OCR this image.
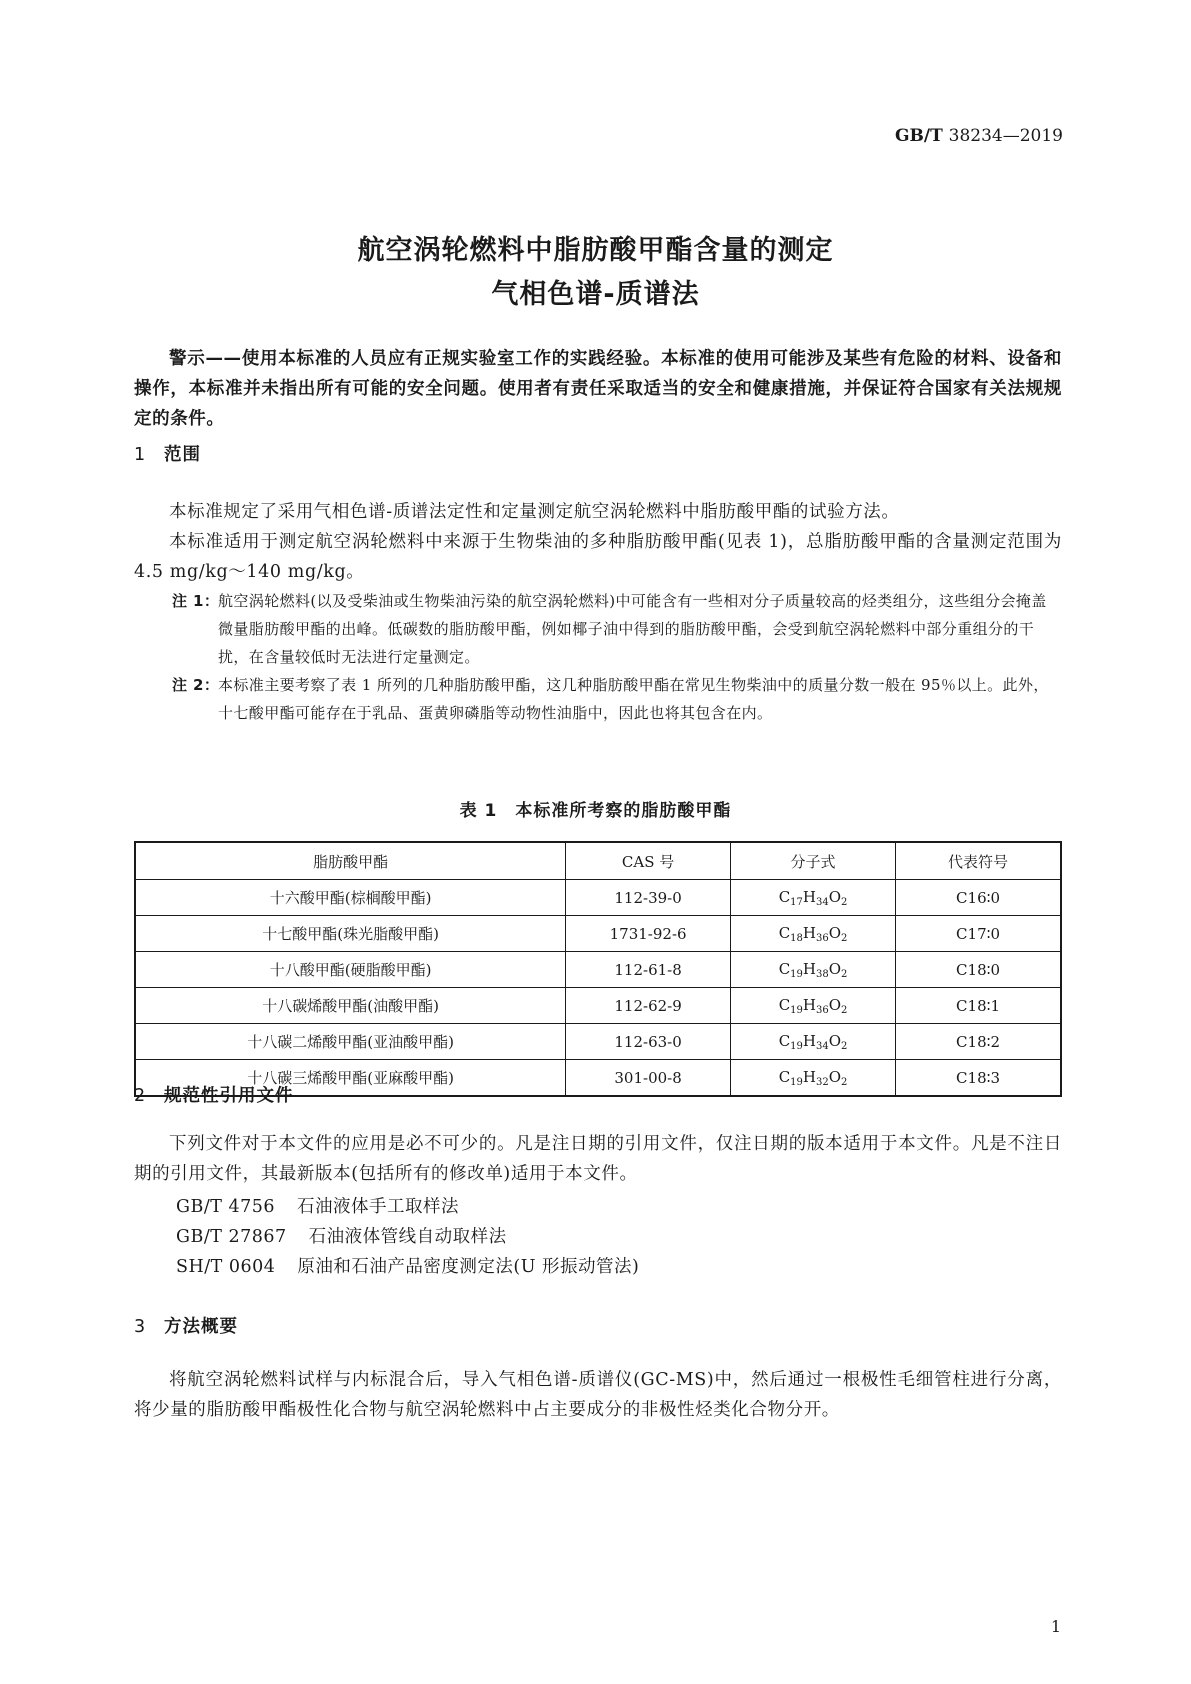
GB/T 38234—2019
航空涡轮燃料中脂肪酸甲酯含量的测定
气相色谱-质谱法
警示——使用本标准的人员应有正规实验室工作的实践经验。本标准的使用可能涉及某些有危险的材料、设备和操作，本标准并未指出所有可能的安全问题。使用者有责任采取适当的安全和健康措施，并保证符合国家有关法规规定的条件。
1 范围
本标准规定了采用气相色谱-质谱法定性和定量测定航空涡轮燃料中脂肪酸甲酯的试验方法。
本标准适用于测定航空涡轮燃料中来源于生物柴油的多种脂肪酸甲酯(见表 1)，总脂肪酸甲酯的含量测定范围为 4.5 mg/kg～140 mg/kg。
注 1：
航空涡轮燃料(以及受柴油或生物柴油污染的航空涡轮燃料)中可能含有一些相对分子质量较高的烃类组分，这些组分会掩盖微量脂肪酸甲酯的出峰。低碳数的脂肪酸甲酯，例如椰子油中得到的脂肪酸甲酯，会受到航空涡轮燃料中部分重组分的干扰，在含量较低时无法进行定量测定。
注 2：
本标准主要考察了表 1 所列的几种脂肪酸甲酯，这几种脂肪酸甲酯在常见生物柴油中的质量分数一般在 95％以上。此外，十七酸甲酯可能存在于乳品、蛋黄卵磷脂等动物性油脂中，因此也将其包含在内。
表 1　本标准所考察的脂肪酸甲酯
脂肪酸甲酯	CAS 号	分子式	代表符号
十六酸甲酯(棕榈酸甲酯)	112-39-0	$C_{17}H_{34}O_2$	C16∶0
十七酸甲酯(珠光脂酸甲酯)	1731-92-6	$C_{18}H_{36}O_2$	C17∶0
十八酸甲酯(硬脂酸甲酯)	112-61-8	$C_{19}H_{38}O_2$	C18∶0
十八碳烯酸甲酯(油酸甲酯)	112-62-9	$C_{19}H_{36}O_2$	C18∶1
十八碳二烯酸甲酯(亚油酸甲酯)	112-63-0	$C_{19}H_{34}O_2$	C18∶2
十八碳三烯酸甲酯(亚麻酸甲酯)	301-00-8	$C_{19}H_{32}O_2$	C18∶3
2 规范性引用文件
下列文件对于本文件的应用是必不可少的。凡是注日期的引用文件，仅注日期的版本适用于本文件。凡是不注日期的引用文件，其最新版本(包括所有的修改单)适用于本文件。
GB/T 4756 石油液体手工取样法
GB/T 27867 石油液体管线自动取样法
SH/T 0604 原油和石油产品密度测定法(U 形振动管法)
3 方法概要
将航空涡轮燃料试样与内标混合后，导入气相色谱-质谱仪(GC-MS)中，然后通过一根极性毛细管柱进行分离，将少量的脂肪酸甲酯极性化合物与航空涡轮燃料中占主要成分的非极性烃类化合物分开。
1
